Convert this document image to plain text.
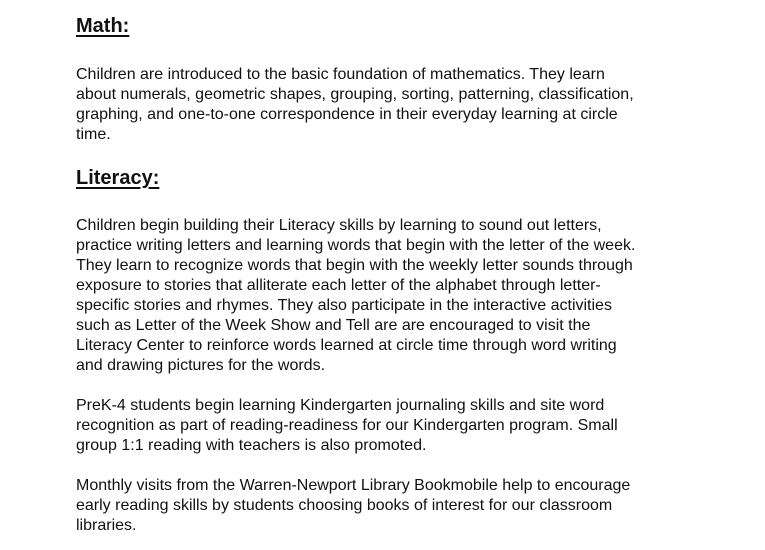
Math:

Children are introduced to the basic foundation of mathematics. They learn
about numerals, geometric shapes, grouping, sorting, patterning, classification,
graphing, and one-to-one correspondence in their everyday learning at circle
time.

Literacy:

Children begin building their Literacy skills by learning to sound out letters,
practice writing letters and learning words that begin with the letter of the week.
They learn to recognize words that begin with the weekly letter sounds through
exposure to stories that alliterate each letter of the alphabet through letter-
specific stories and rhymes. They also participate in the interactive activities
such as Letter of the Week Show and Tell are are encouraged to visit the
Literacy Center to reinforce words learned at circle time through word writing
and drawing pictures for the words.

PreK-4 students begin learning Kindergarten journaling skills and site word
recognition as part of reading-readiness for our Kindergarten program. Small
group 1:1 reading with teachers is also promoted.

Monthly visits from the Warren-Newport Library Bookmobile help to encourage
early reading skills by students choosing books of interest for our classroom
libraries.
